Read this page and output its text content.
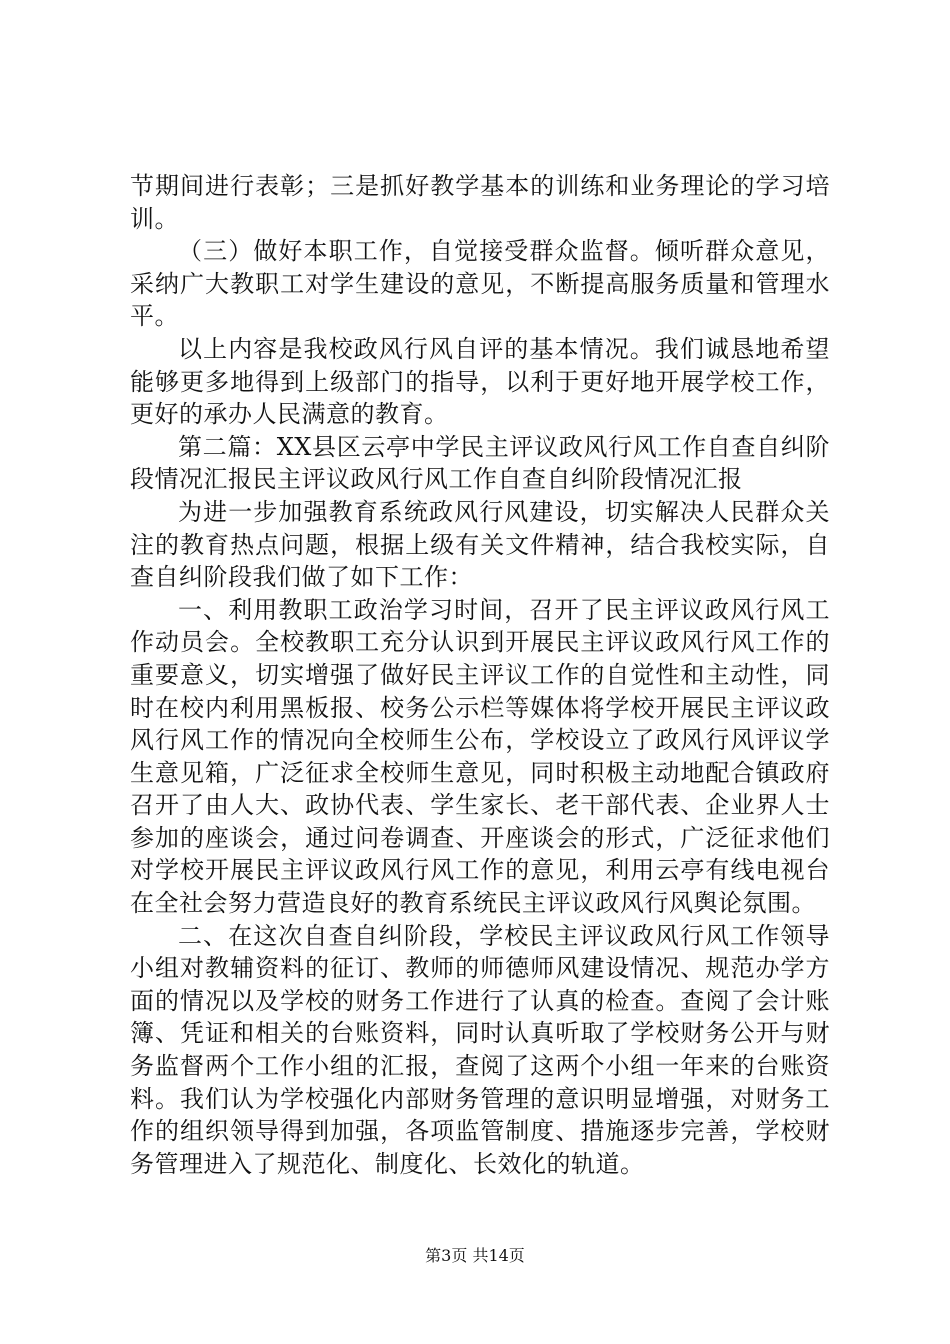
节期间进行表彰；三是抓好教学基本的训练和业务理论的学习培训。

（三）做好本职工作，自觉接受群众监督。倾听群众意见，采纳广大教职工对学生建设的意见，不断提高服务质量和管理水平。

以上内容是我校政风行风自评的基本情况。我们诚恳地希望能够更多地得到上级部门的指导，以利于更好地开展学校工作，更好的承办人民满意的教育。

第二篇：XX县区云亭中学民主评议政风行风工作自查自纠阶段情况汇报民主评议政风行风工作自查自纠阶段情况汇报

为进一步加强教育系统政风行风建设，切实解决人民群众关注的教育热点问题，根据上级有关文件精神，结合我校实际，自查自纠阶段我们做了如下工作：

一、利用教职工政治学习时间，召开了民主评议政风行风工作动员会。全校教职工充分认识到开展民主评议政风行风工作的重要意义，切实增强了做好民主评议工作的自觉性和主动性，同时在校内利用黑板报、校务公示栏等媒体将学校开展民主评议政风行风工作的情况向全校师生公布，学校设立了政风行风评议学生意见箱，广泛征求全校师生意见，同时积极主动地配合镇政府召开了由人大、政协代表、学生家长、老干部代表、企业界人士参加的座谈会，通过问卷调查、开座谈会的形式，广泛征求他们对学校开展民主评议政风行风工作的意见，利用云亭有线电视台在全社会努力营造良好的教育系统民主评议政风行风舆论氛围。

二、在这次自查自纠阶段，学校民主评议政风行风工作领导小组对教辅资料的征订、教师的师德师风建设情况、规范办学方面的情况以及学校的财务工作进行了认真的检查。查阅了会计账簿、凭证和相关的台账资料，同时认真听取了学校财务公开与财务监督两个工作小组的汇报，查阅了这两个小组一年来的台账资料。我们认为学校强化内部财务管理的意识明显增强，对财务工作的组织领导得到加强，各项监管制度、措施逐步完善，学校财务管理进入了规范化、制度化、长效化的轨道。

第3页 共14页
